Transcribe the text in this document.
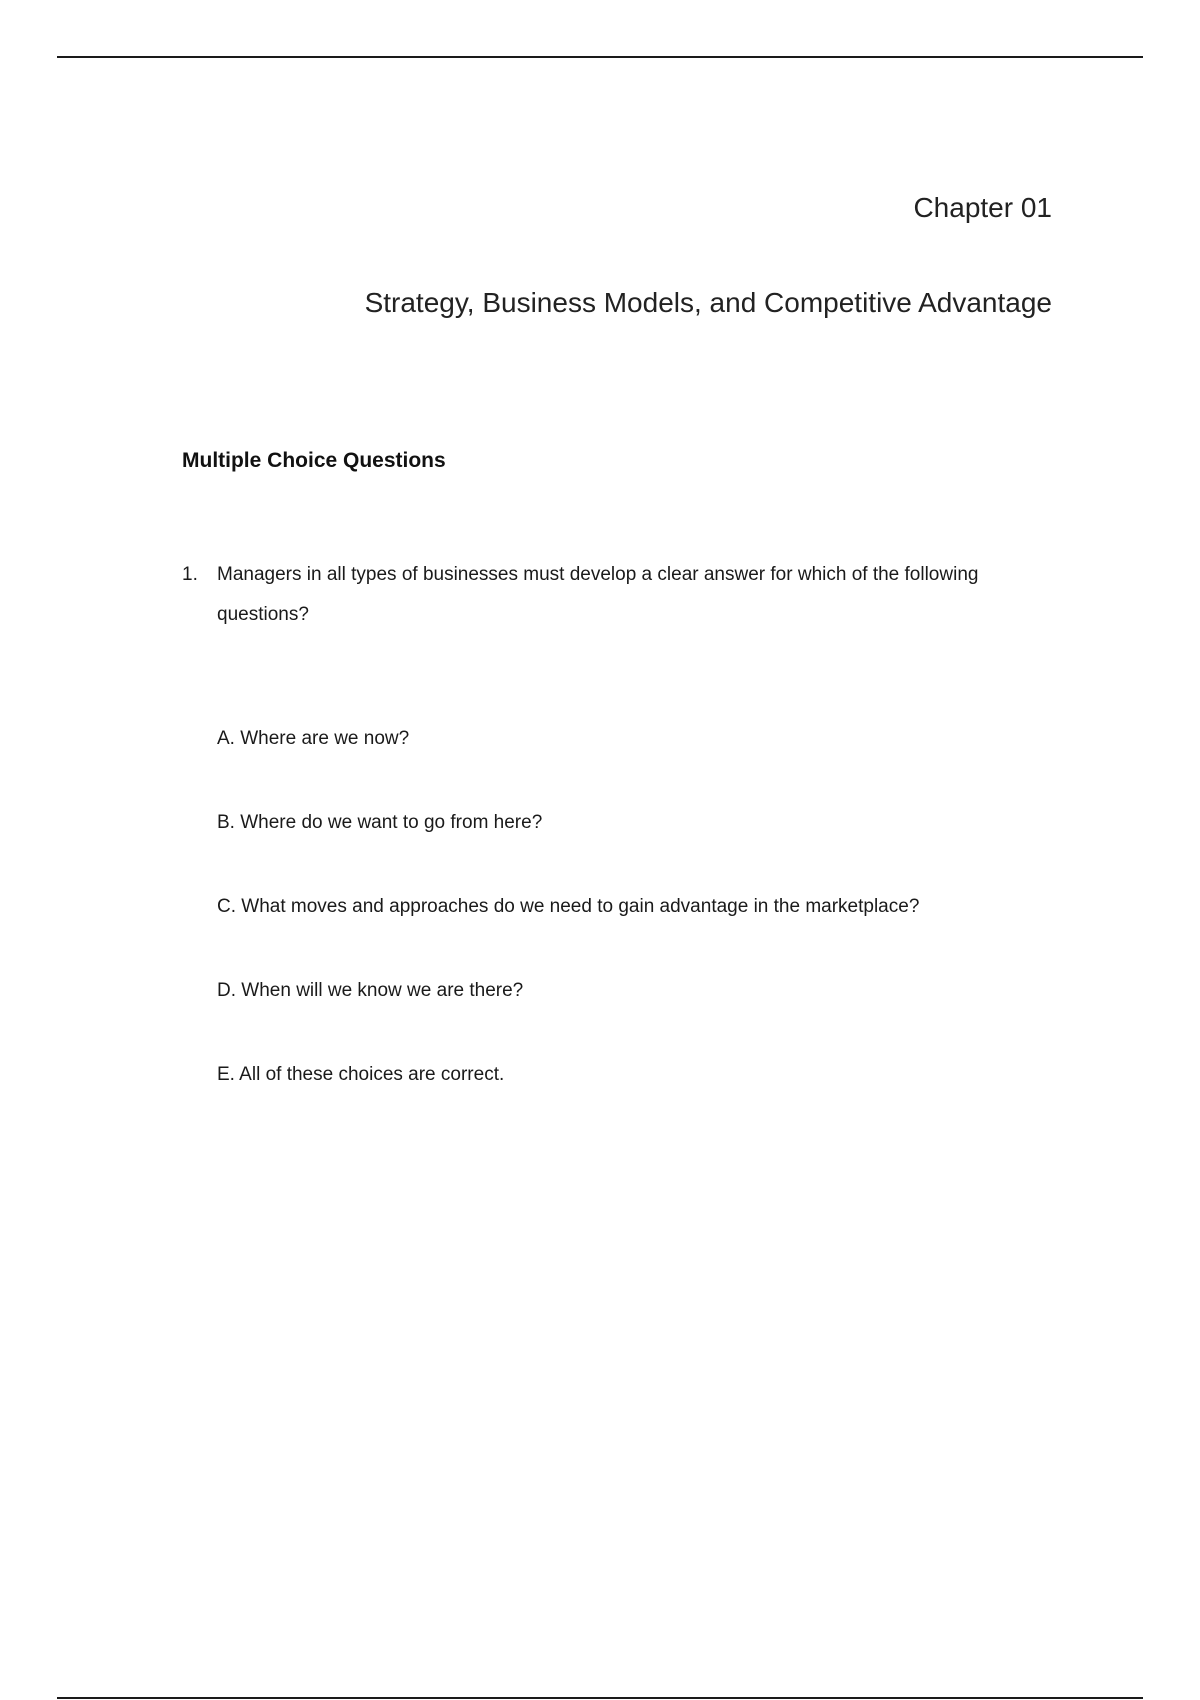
Chapter 01
Strategy, Business Models, and Competitive Advantage
Multiple Choice Questions
1. Managers in all types of businesses must develop a clear answer for which of the following questions?
A. Where are we now?
B. Where do we want to go from here?
C. What moves and approaches do we need to gain advantage in the marketplace?
D. When will we know we are there?
E. All of these choices are correct.
